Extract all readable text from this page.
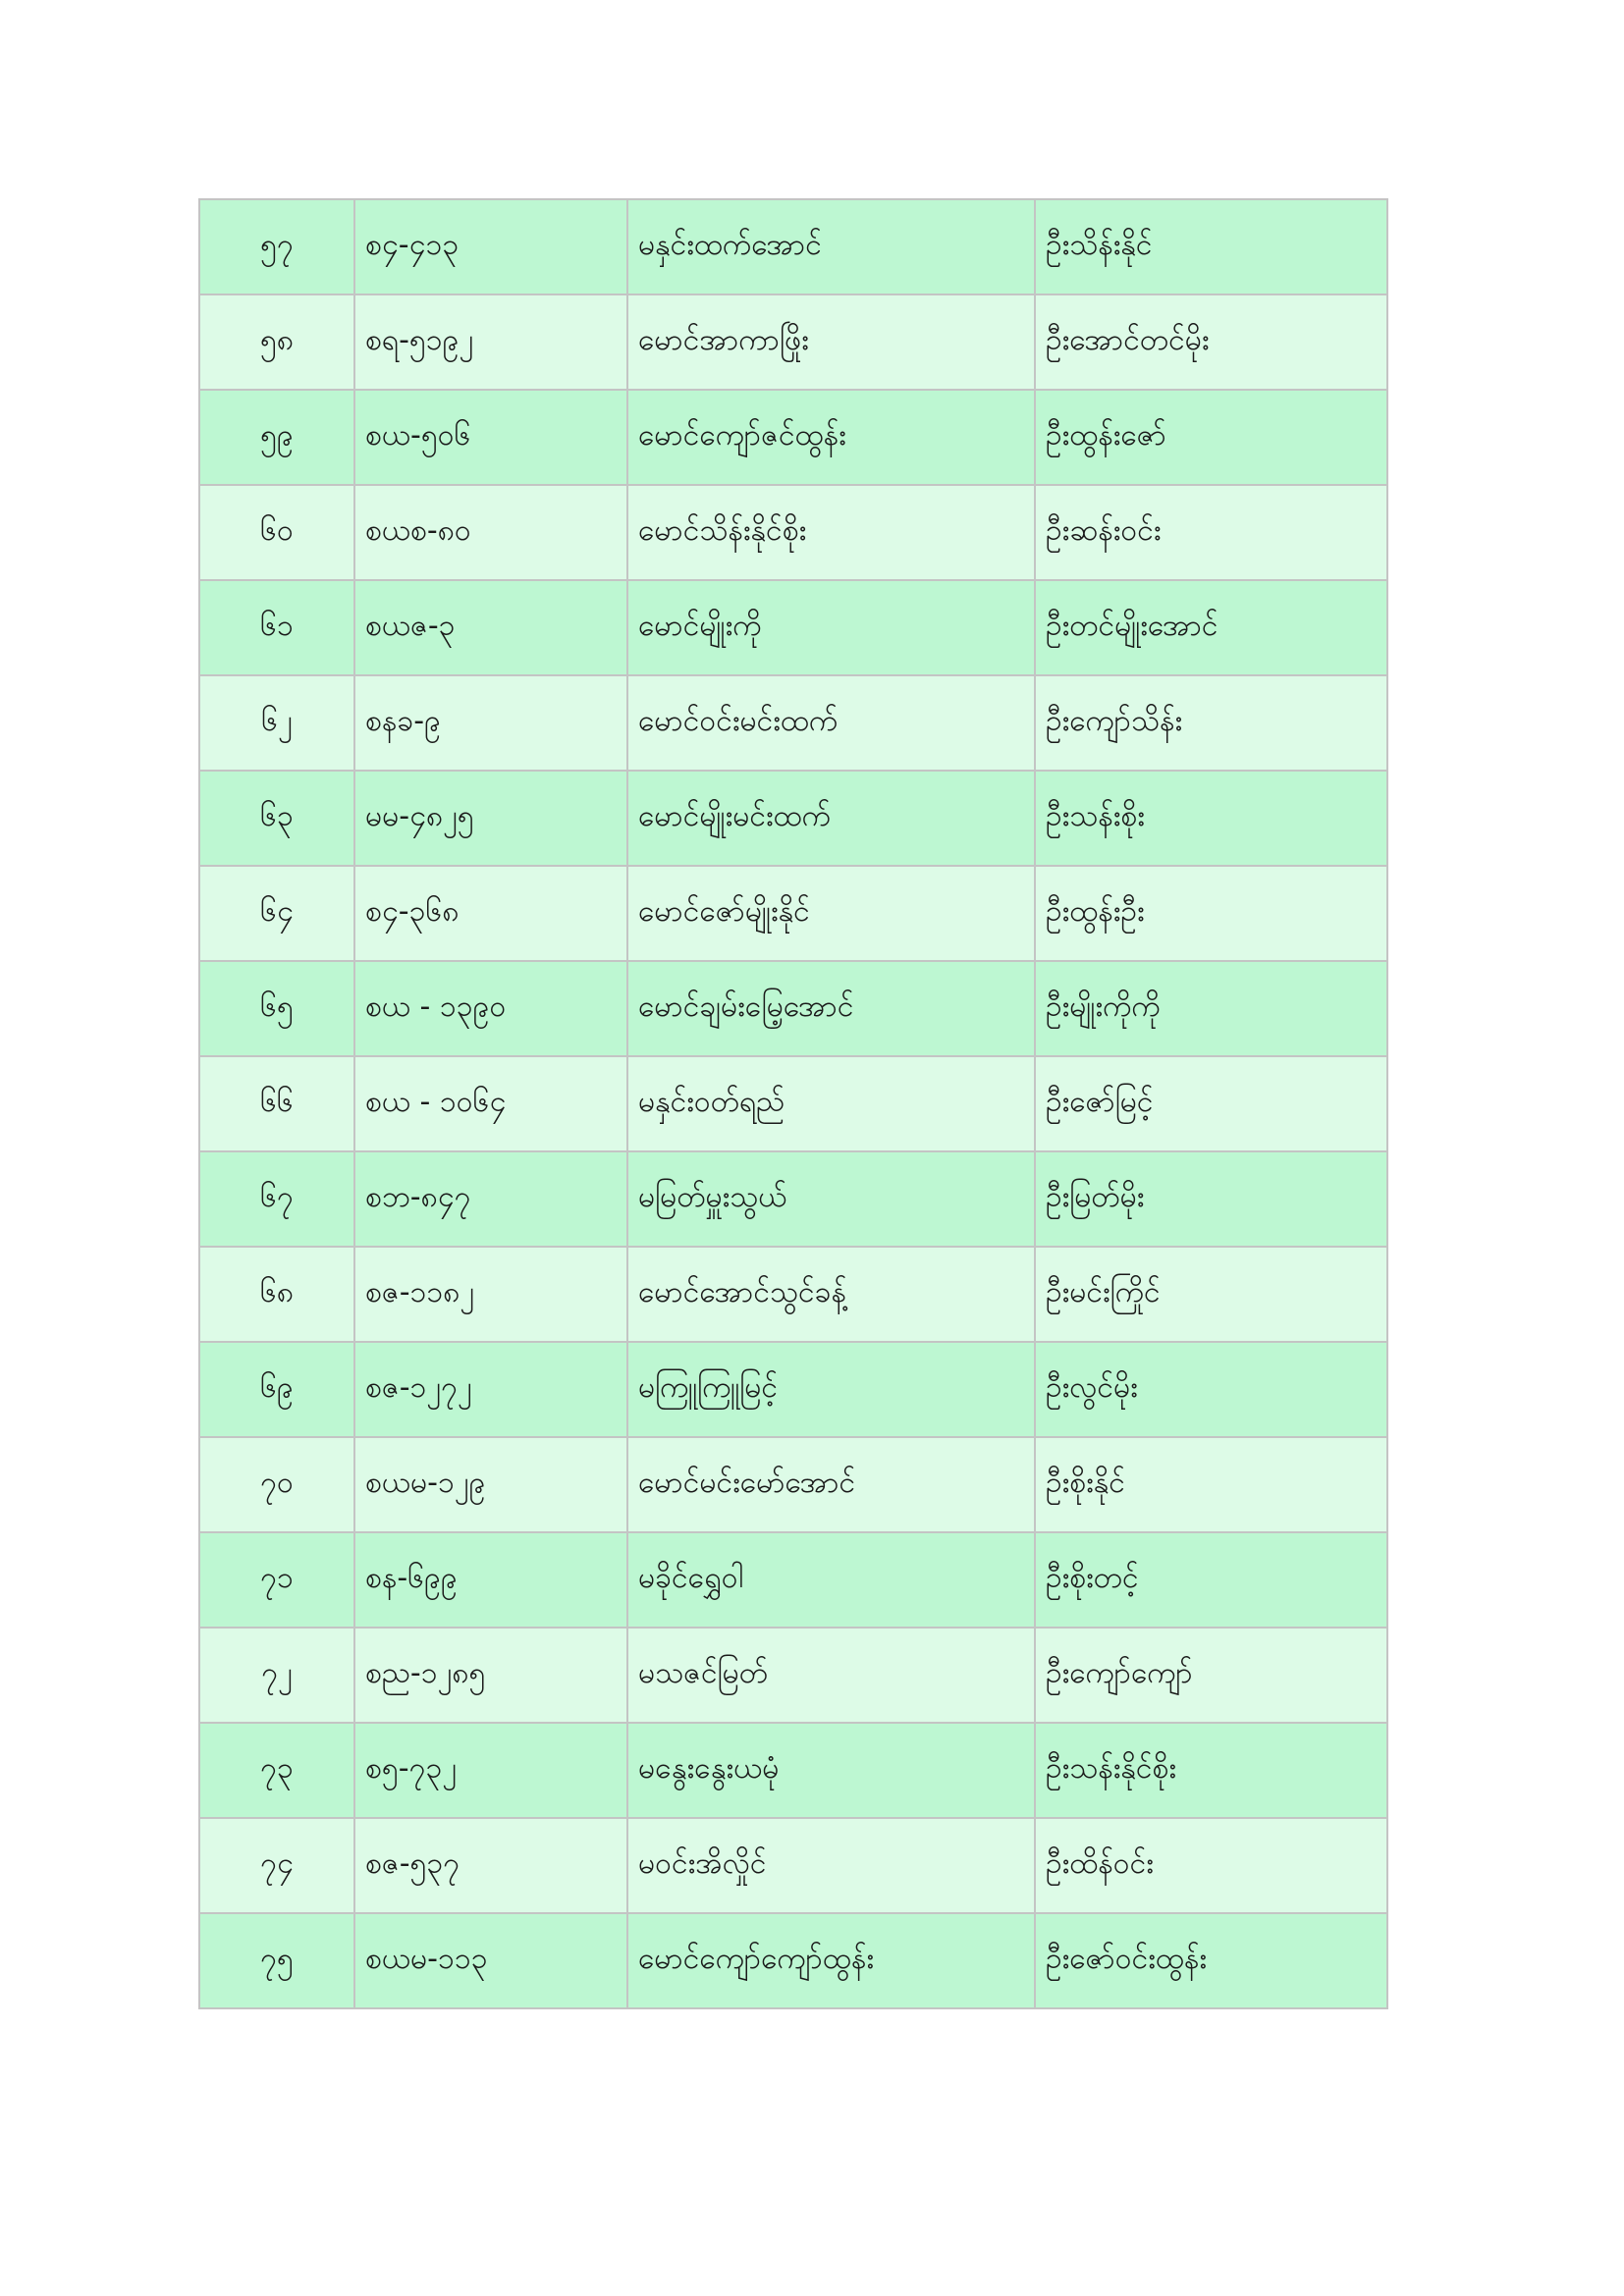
၅၇	စ၄-၄၁၃	မနှင်းထက်အောင်	ဦးသိန်းနိုင်
၅၈	စရ-၅၁၉၂	မောင်အာကာဖြိုး	ဦးအောင်တင်မိုး
၅၉	စယ-၅၀၆	မောင်ကျော်ဇင်ထွန်း	ဦးထွန်းဇော်
၆၀	စယစ-၈၀	မောင်သိန်းနိုင်စိုး	ဦးဆန်းဝင်း
၆၁	စယဇ-၃	မောင်မျိုးကို	ဦးတင်မျိုးအောင်
၆၂	စနခ-၉	မောင်ဝင်းမင်းထက်	ဦးကျော်သိန်း
၆၃	မမ-၄၈၂၅	မောင်မျိုးမင်းထက်	ဦးသန်းစိုး
၆၄	စ၄-၃၆၈	မောင်ဇော်မျိုးနိုင်	ဦးထွန်းဦး
၆၅	စယ - ၁၃၉၀	မောင်ချမ်းမြေ့အောင်	ဦးမျိုးကိုကို
၆၆	စယ - ၁၀၆၄	မနှင်းဝတ်ရည်	ဦးဇော်မြင့်
၆၇	စဘ-၈၄၇	မမြတ်မှူးသွယ်	ဦးမြတ်မိုး
၆၈	စဇ-၁၁၈၂	မောင်အောင်သွင်ခန့်	ဦးမင်းကြိုင်
၆၉	စဇ-၁၂၇၂	မကြူကြူမြင့်	ဦးလွင်မိုး
၇၀	စယမ-၁၂၉	မောင်မင်းမော်အောင်	ဦးစိုးနိုင်
၇၁	စန-၆၉၉	မခိုင်ရွှေဝါ	ဦးစိုးတင့်
၇၂	စည-၁၂၈၅	မသဇင်မြတ်	ဦးကျော်ကျော်
၇၃	စ၅-၇၃၂	မနွေးနွေးယမုံ	ဦးသန်းနိုင်စိုး
၇၄	စဇ-၅၃၇	မဝင်းအိလှိုင်	ဦးထိန်ဝင်း
၇၅	စယမ-၁၁၃	မောင်ကျော်ကျော်ထွန်း	ဦးဇော်ဝင်းထွန်း
